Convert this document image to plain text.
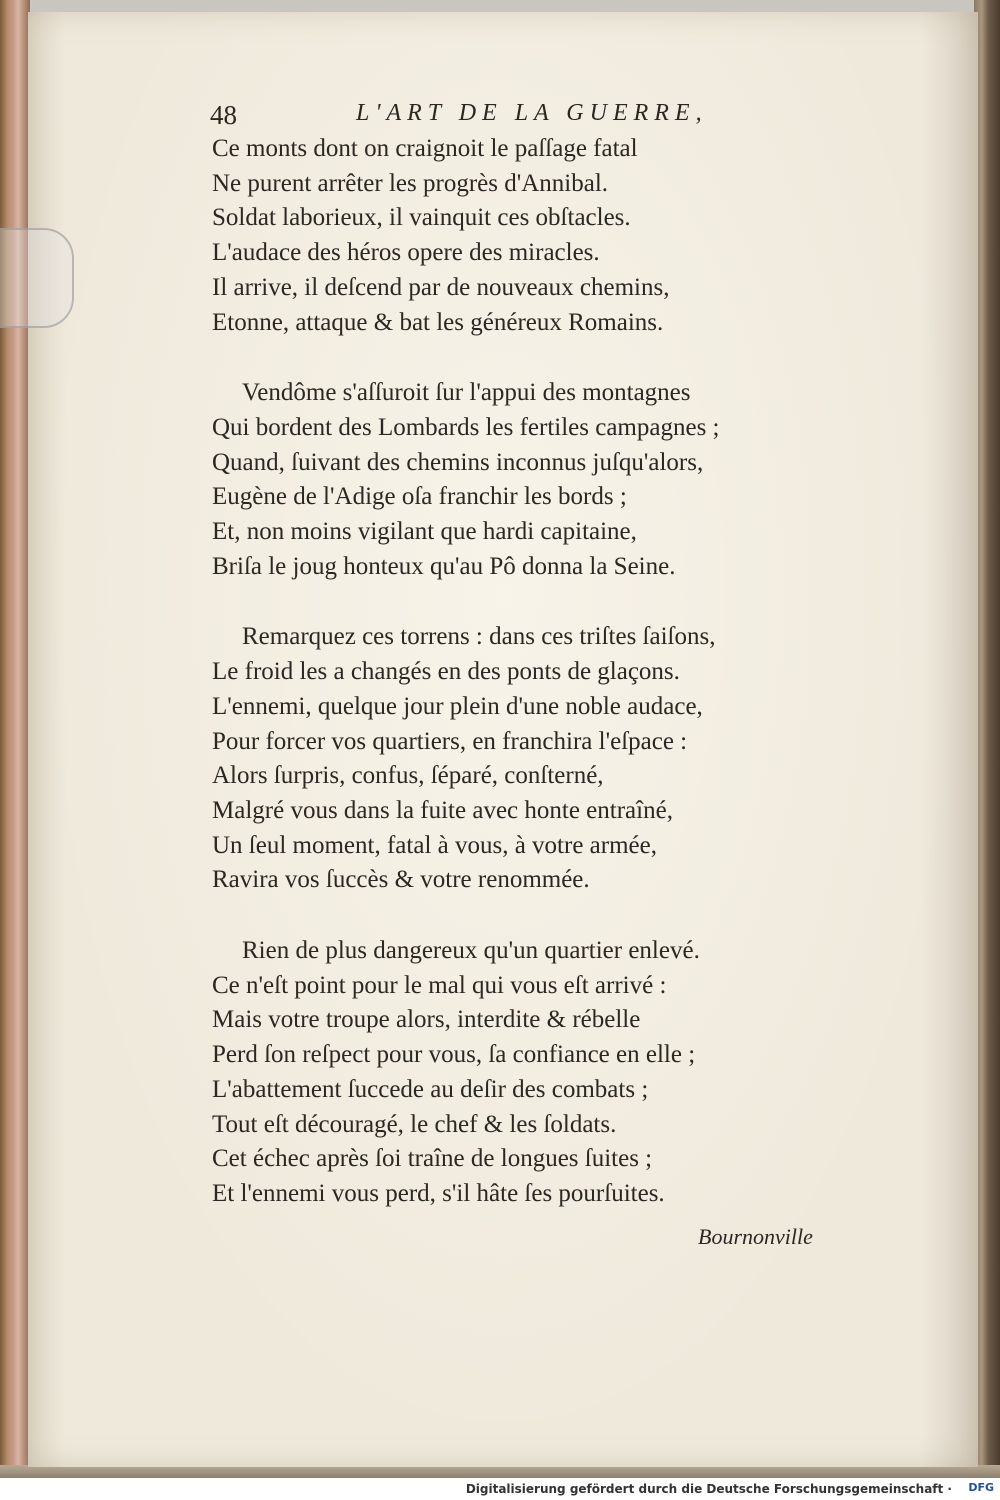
48	L'ART DE LA GUERRE,
Ce monts dont on craignoit le paſſage fatal
Ne purent arrêter les progrès d'Annibal.
Soldat laborieux, il vainquit ces obſtacles.
L'audace des héros opere des miracles.
Il arrive, il deſcend par de nouveaux chemins,
Etonne, attaque & bat les généreux Romains.
Vendôme s'aſſuroit ſur l'appui des montagnes
Qui bordent des Lombards les fertiles campagnes ;
Quand, ſuivant des chemins inconnus juſqu'alors,
Eugène de l'Adige oſa franchir les bords ;
Et, non moins vigilant que hardi capitaine,
Briſa le joug honteux qu'au Pô donna la Seine.
Remarquez ces torrens : dans ces triſtes ſaiſons,
Le froid les a changés en des ponts de glaçons.
L'ennemi, quelque jour plein d'une noble audace,
Pour forcer vos quartiers, en franchira l'eſpace :
Alors ſurpris, confus, ſéparé, conſterné,
Malgré vous dans la fuite avec honte entraîné,
Un ſeul moment, fatal à vous, à votre armée,
Ravira vos ſuccès & votre renommée.
Rien de plus dangereux qu'un quartier enlevé.
Ce n'eſt point pour le mal qui vous eſt arrivé :
Mais votre troupe alors, interdite & rébelle
Perd ſon reſpect pour vous, ſa confiance en elle ;
L'abattement ſuccede au deſir des combats ;
Tout eſt découragé, le chef & les ſoldats.
Cet échec après ſoi traîne de longues ſuites ;
Et l'ennemi vous perd, s'il hâte ſes pourſuites.
Bournonville
Digitalisierung gefördert durch die Deutsche Forschungsgemeinschaft ·	DFG
